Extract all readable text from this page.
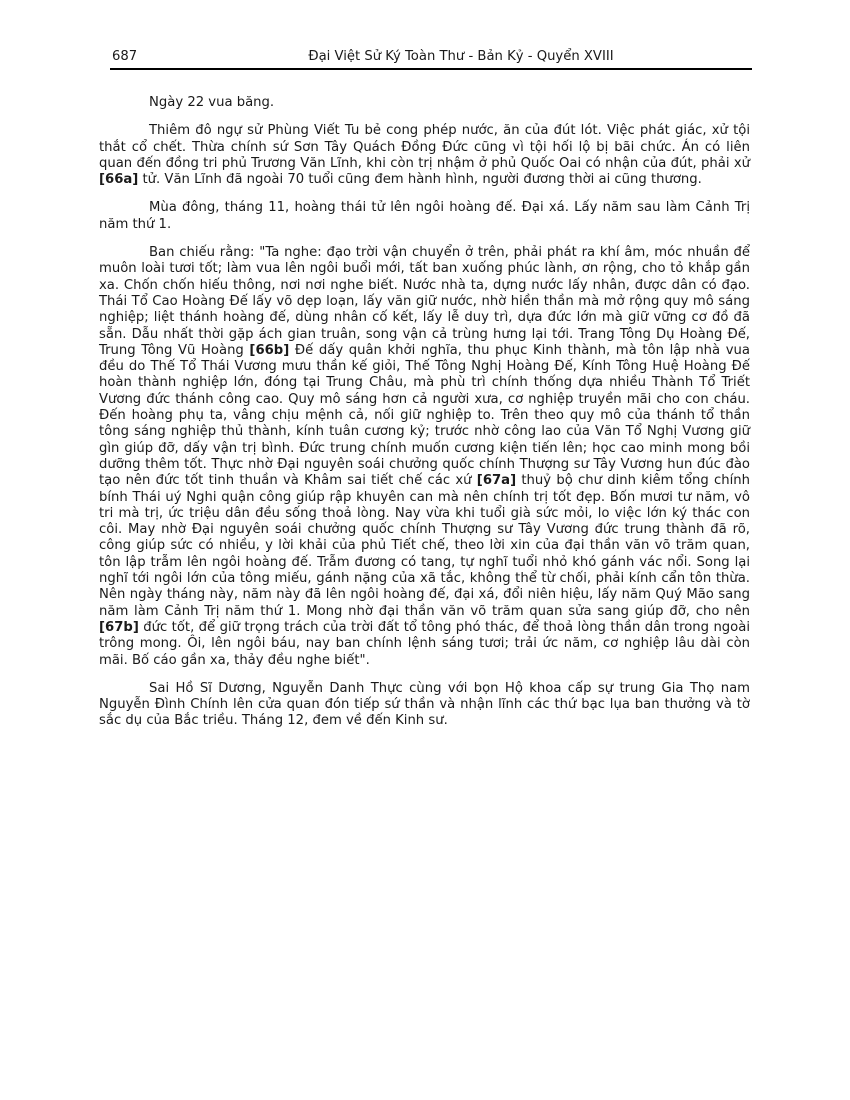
687	Đại Việt Sử Ký Toàn Thư - Bản Kỷ - Quyển XVIII

Ngày 22 vua băng.

Thiêm đô ngự sử Phùng Viết Tu bẻ cong phép nước, ăn của đút lót. Việc phát giác, xử tội thắt cổ chết. Thừa chính sứ Sơn Tây Quách Đồng Đức cũng vì tội hối lộ bị bãi chức. Án có liên quan đến đồng tri phủ Trương Văn Lĩnh, khi còn trị nhậm ở phủ Quốc Oai có nhận của đút, phải xử [66a] tử. Văn Lĩnh đã ngoài 70 tuổi cũng đem hành hình, người đương thời ai cũng thương.

Mùa đông, tháng 11, hoàng thái tử lên ngôi hoàng đế. Đại xá. Lấy năm sau làm Cảnh Trị năm thứ 1.

Ban chiếu rằng: "Ta nghe: đạo trời vận chuyển ở trên, phải phát ra khí âm, móc nhuần để muôn loài tươi tốt; làm vua lên ngôi buổi mới, tất ban xuống phúc lành, ơn rộng, cho tỏ khắp gần xa. Chốn chốn hiếu thông, nơi nơi nghe biết. Nước nhà ta, dựng nước lấy nhân, được dân có đạo. Thái Tổ Cao Hoàng Đế lấy võ dẹp loạn, lấy văn giữ nước, nhờ hiền thần mà mở rộng quy mô sáng nghiệp; liệt thánh hoàng đế, dùng nhân cố kết, lấy lễ duy trì, dựa đức lớn mà giữ vững cơ đồ đã sẵn. Dẫu nhất thời gặp ách gian truân, song vận cả trùng hưng lại tới. Trang Tông Dụ Hoàng Đế, Trung Tông Vũ Hoàng [66b] Đế dấy quân khởi nghĩa, thu phục Kinh thành, mà tôn lập nhà vua đều do Thế Tổ Thái Vương mưu thần kế giỏi, Thế Tông Nghị Hoàng Đế, Kính Tông Huệ Hoàng Đế hoàn thành nghiệp lớn, đóng tại Trung Châu, mà phù trì chính thống dựa nhiều Thành Tổ Triết Vương đức thánh công cao. Quy mô sáng hơn cả người xưa, cơ nghiệp truyền mãi cho con cháu. Đến hoàng phụ ta, vâng chịu mệnh cả, nối giữ nghiệp to. Trên theo quy mô của thánh tổ thần tông sáng nghiệp thủ thành, kính tuân cương kỷ; trước nhờ công lao của Văn Tổ Nghị Vương giữ gìn giúp đỡ, dấy vận trị bình. Đức trung chính muốn cương kiện tiến lên; học cao minh mong bồi dưỡng thêm tốt. Thực nhờ Đại nguyên soái chưởng quốc chính Thượng sư Tây Vương hun đúc đào tạo nên đức tốt tinh thuần và Khâm sai tiết chế các xứ [67a] thuỷ bộ chư dinh kiêm tổng chính bính Thái uý Nghi quận công giúp rập khuyên can mà nên chính trị tốt đẹp. Bốn mươi tư năm, vô tri mà trị, ức triệu dân đều sống thoả lòng. Nay vừa khi tuổi già sức mỏi, lo việc lớn ký thác con côi. May nhờ Đại nguyên soái chưởng quốc chính Thượng sư Tây Vương đức trung thành đã rõ, công giúp sức có nhiều, y lời khải của phủ Tiết chế, theo lời xin của đại thần văn võ trăm quan, tôn lập trẫm lên ngôi hoàng đế. Trẫm đương có tang, tự nghĩ tuổi nhỏ khó gánh vác nổi. Song lại nghĩ tới ngôi lớn của tông miếu, gánh nặng của xã tắc, không thể từ chối, phải kính cẩn tôn thừa. Nên ngày tháng này, năm này đã lên ngôi hoàng đế, đại xá, đổi niên hiệu, lấy năm Quý Mão sang năm làm Cảnh Trị năm thứ 1. Mong nhờ đại thần văn võ trăm quan sửa sang giúp đỡ, cho nên [67b] đức tốt, để giữ trọng trách của trời đất tổ tông phó thác, để thoả lòng thần dân trong ngoài trông mong. Ôi, lên ngôi báu, nay ban chính lệnh sáng tươi; trải ức năm, cơ nghiệp lâu dài còn mãi. Bố cáo gần xa, thảy đều nghe biết".

Sai Hồ Sĩ Dương, Nguyễn Danh Thực cùng với bọn Hộ khoa cấp sự trung Gia Thọ nam Nguyễn Đình Chính lên cửa quan đón tiếp sứ thần và nhận lĩnh các thứ bạc lụa ban thưởng và tờ sắc dụ của Bắc triều. Tháng 12, đem về đến Kinh sư.
